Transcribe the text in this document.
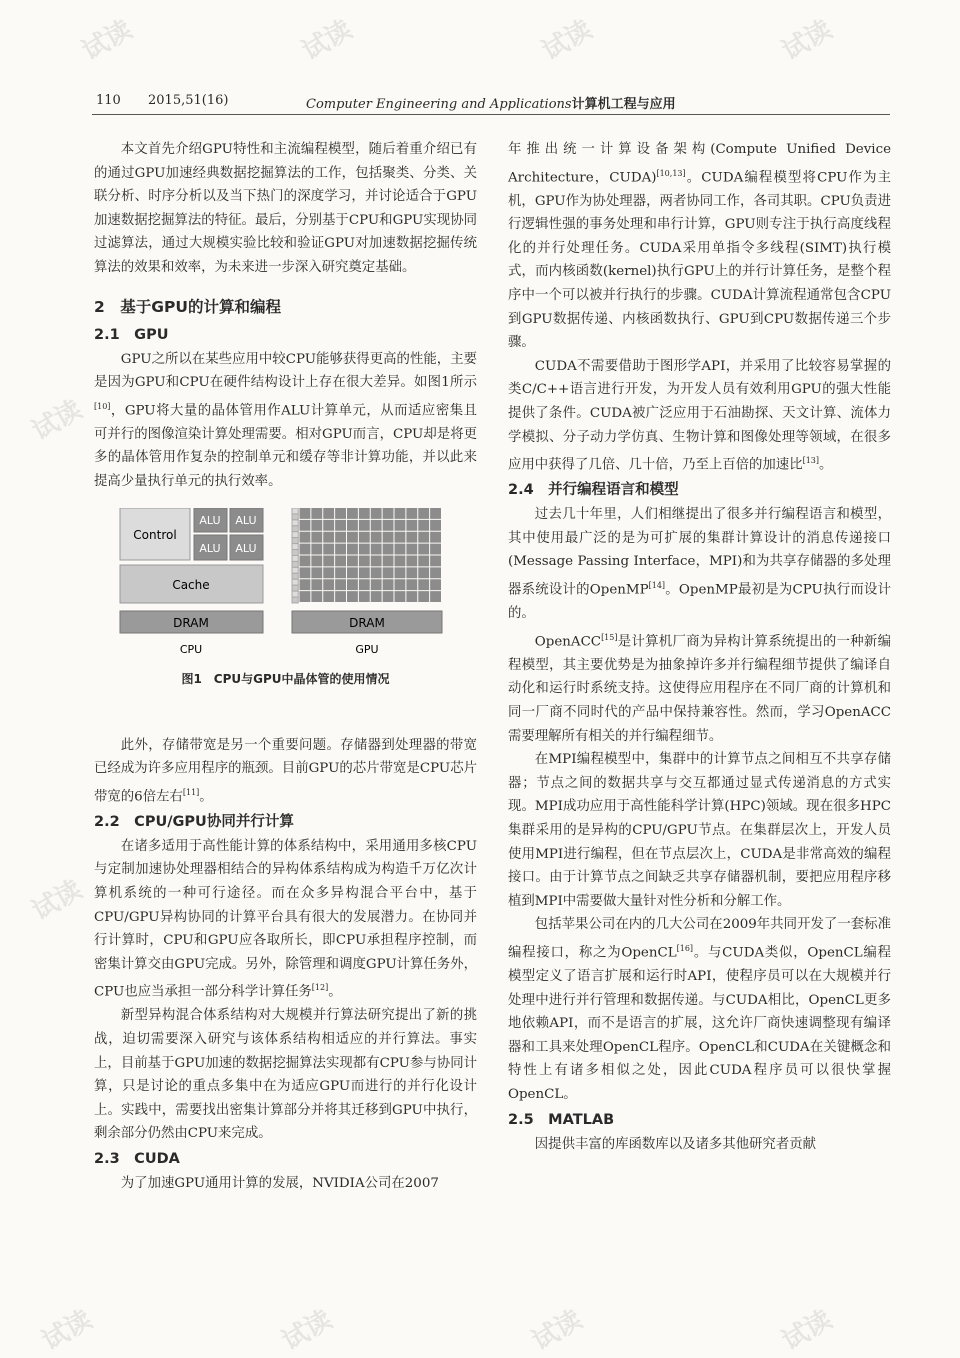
试读	试读	试读	试读
试读
试读
试读	试读	试读	试读
110 2015,51(16)	Computer Engineering and Applications计算机工程与应用

本文首先介绍GPU特性和主流编程模型，随后着重介绍已有的通过GPU加速经典数据挖掘算法的工作，包括聚类、分类、关联分析、时序分析以及当下热门的深度学习，并讨论适合于GPU加速数据挖掘算法的特征。最后，分别基于CPU和GPU实现协同过滤算法，通过大规模实验比较和验证GPU对加速数据挖掘传统算法的效果和效率，为未来进一步深入研究奠定基础。

2　基于GPU的计算和编程
2.1　GPU

GPU之所以在某些应用中较CPU能够获得更高的性能，主要是因为GPU和CPU在硬件结构设计上存在很大差异。如图1所示[10]，GPU将大量的晶体管用作ALU计算单元，从而适应密集且可并行的图像渲染计算处理需要。相对GPU而言，CPU却是将更多的晶体管用作复杂的控制单元和缓存等非计算功能，并以此来提高少量执行单元的执行效率。

Control
ALU ALU
ALU ALU
Cache
DRAM	DRAM
CPU	GPU
图1　CPU与GPU中晶体管的使用情况

此外，存储带宽是另一个重要问题。存储器到处理器的带宽已经成为许多应用程序的瓶颈。目前GPU的芯片带宽是CPU芯片带宽的6倍左右[11]。

2.2　CPU/GPU协同并行计算

在诸多适用于高性能计算的体系结构中，采用通用多核CPU与定制加速协处理器相结合的异构体系结构成为构造千万亿次计算机系统的一种可行途径。而在众多异构混合平台中，基于CPU/GPU异构协同的计算平台具有很大的发展潜力。在协同并行计算时，CPU和GPU应各取所长，即CPU承担程序控制，而密集计算交由GPU完成。另外，除管理和调度GPU计算任务外，CPU也应当承担一部分科学计算任务[12]。

新型异构混合体系结构对大规模并行算法研究提出了新的挑战，迫切需要深入研究与该体系结构相适应的并行算法。事实上，目前基于GPU加速的数据挖掘算法实现都有CPU参与协同计算，只是讨论的重点多集中在为适应GPU而进行的并行化设计上。实践中，需要找出密集计算部分并将其迁移到GPU中执行，剩余部分仍然由CPU来完成。

2.3　CUDA

为了加速GPU通用计算的发展，NVIDIA公司在2007

年推出统一计算设备架构(Compute Unified Device Architecture，CUDA)[10,13]。CUDA编程模型将CPU作为主机，GPU作为协处理器，两者协同工作，各司其职。CPU负责进行逻辑性强的事务处理和串行计算，GPU则专注于执行高度线程化的并行处理任务。CUDA采用单指令多线程(SIMT)执行模式，而内核函数(kernel)执行GPU上的并行计算任务，是整个程序中一个可以被并行执行的步骤。CUDA计算流程通常包含CPU到GPU数据传递、内核函数执行、GPU到CPU数据传递三个步骤。

CUDA不需要借助于图形学API，并采用了比较容易掌握的类C/C++语言进行开发，为开发人员有效利用GPU的强大性能提供了条件。CUDA被广泛应用于石油勘探、天文计算、流体力学模拟、分子动力学仿真、生物计算和图像处理等领域，在很多应用中获得了几倍、几十倍，乃至上百倍的加速比[13]。

2.4　并行编程语言和模型

过去几十年里，人们相继提出了很多并行编程语言和模型，其中使用最广泛的是为可扩展的集群计算设计的消息传递接口(Message Passing Interface，MPI)和为共享存储器的多处理器系统设计的OpenMP[14]。OpenMP最初是为CPU执行而设计的。

OpenACC[15]是计算机厂商为异构计算系统提出的一种新编程模型，其主要优势是为抽象掉许多并行编程细节提供了编译自动化和运行时系统支持。这使得应用程序在不同厂商的计算机和同一厂商不同时代的产品中保持兼容性。然而，学习OpenACC需要理解所有相关的并行编程细节。

在MPI编程模型中，集群中的计算节点之间相互不共享存储器；节点之间的数据共享与交互都通过显式传递消息的方式实现。MPI成功应用于高性能科学计算(HPC)领域。现在很多HPC集群采用的是异构的CPU/GPU节点。在集群层次上，开发人员使用MPI进行编程，但在节点层次上，CUDA是非常高效的编程接口。由于计算节点之间缺乏共享存储器机制，要把应用程序移植到MPI中需要做大量针对性分析和分解工作。

包括苹果公司在内的几大公司在2009年共同开发了一套标准编程接口，称之为OpenCL[16]。与CUDA类似，OpenCL编程模型定义了语言扩展和运行时API，使程序员可以在大规模并行处理中进行并行管理和数据传递。与CUDA相比，OpenCL更多地依赖API，而不是语言的扩展，这允许厂商快速调整现有编译器和工具来处理OpenCL程序。OpenCL和CUDA在关键概念和特性上有诸多相似之处，因此CUDA程序员可以很快掌握OpenCL。

2.5　MATLAB

因提供丰富的库函数库以及诸多其他研究者贡献
